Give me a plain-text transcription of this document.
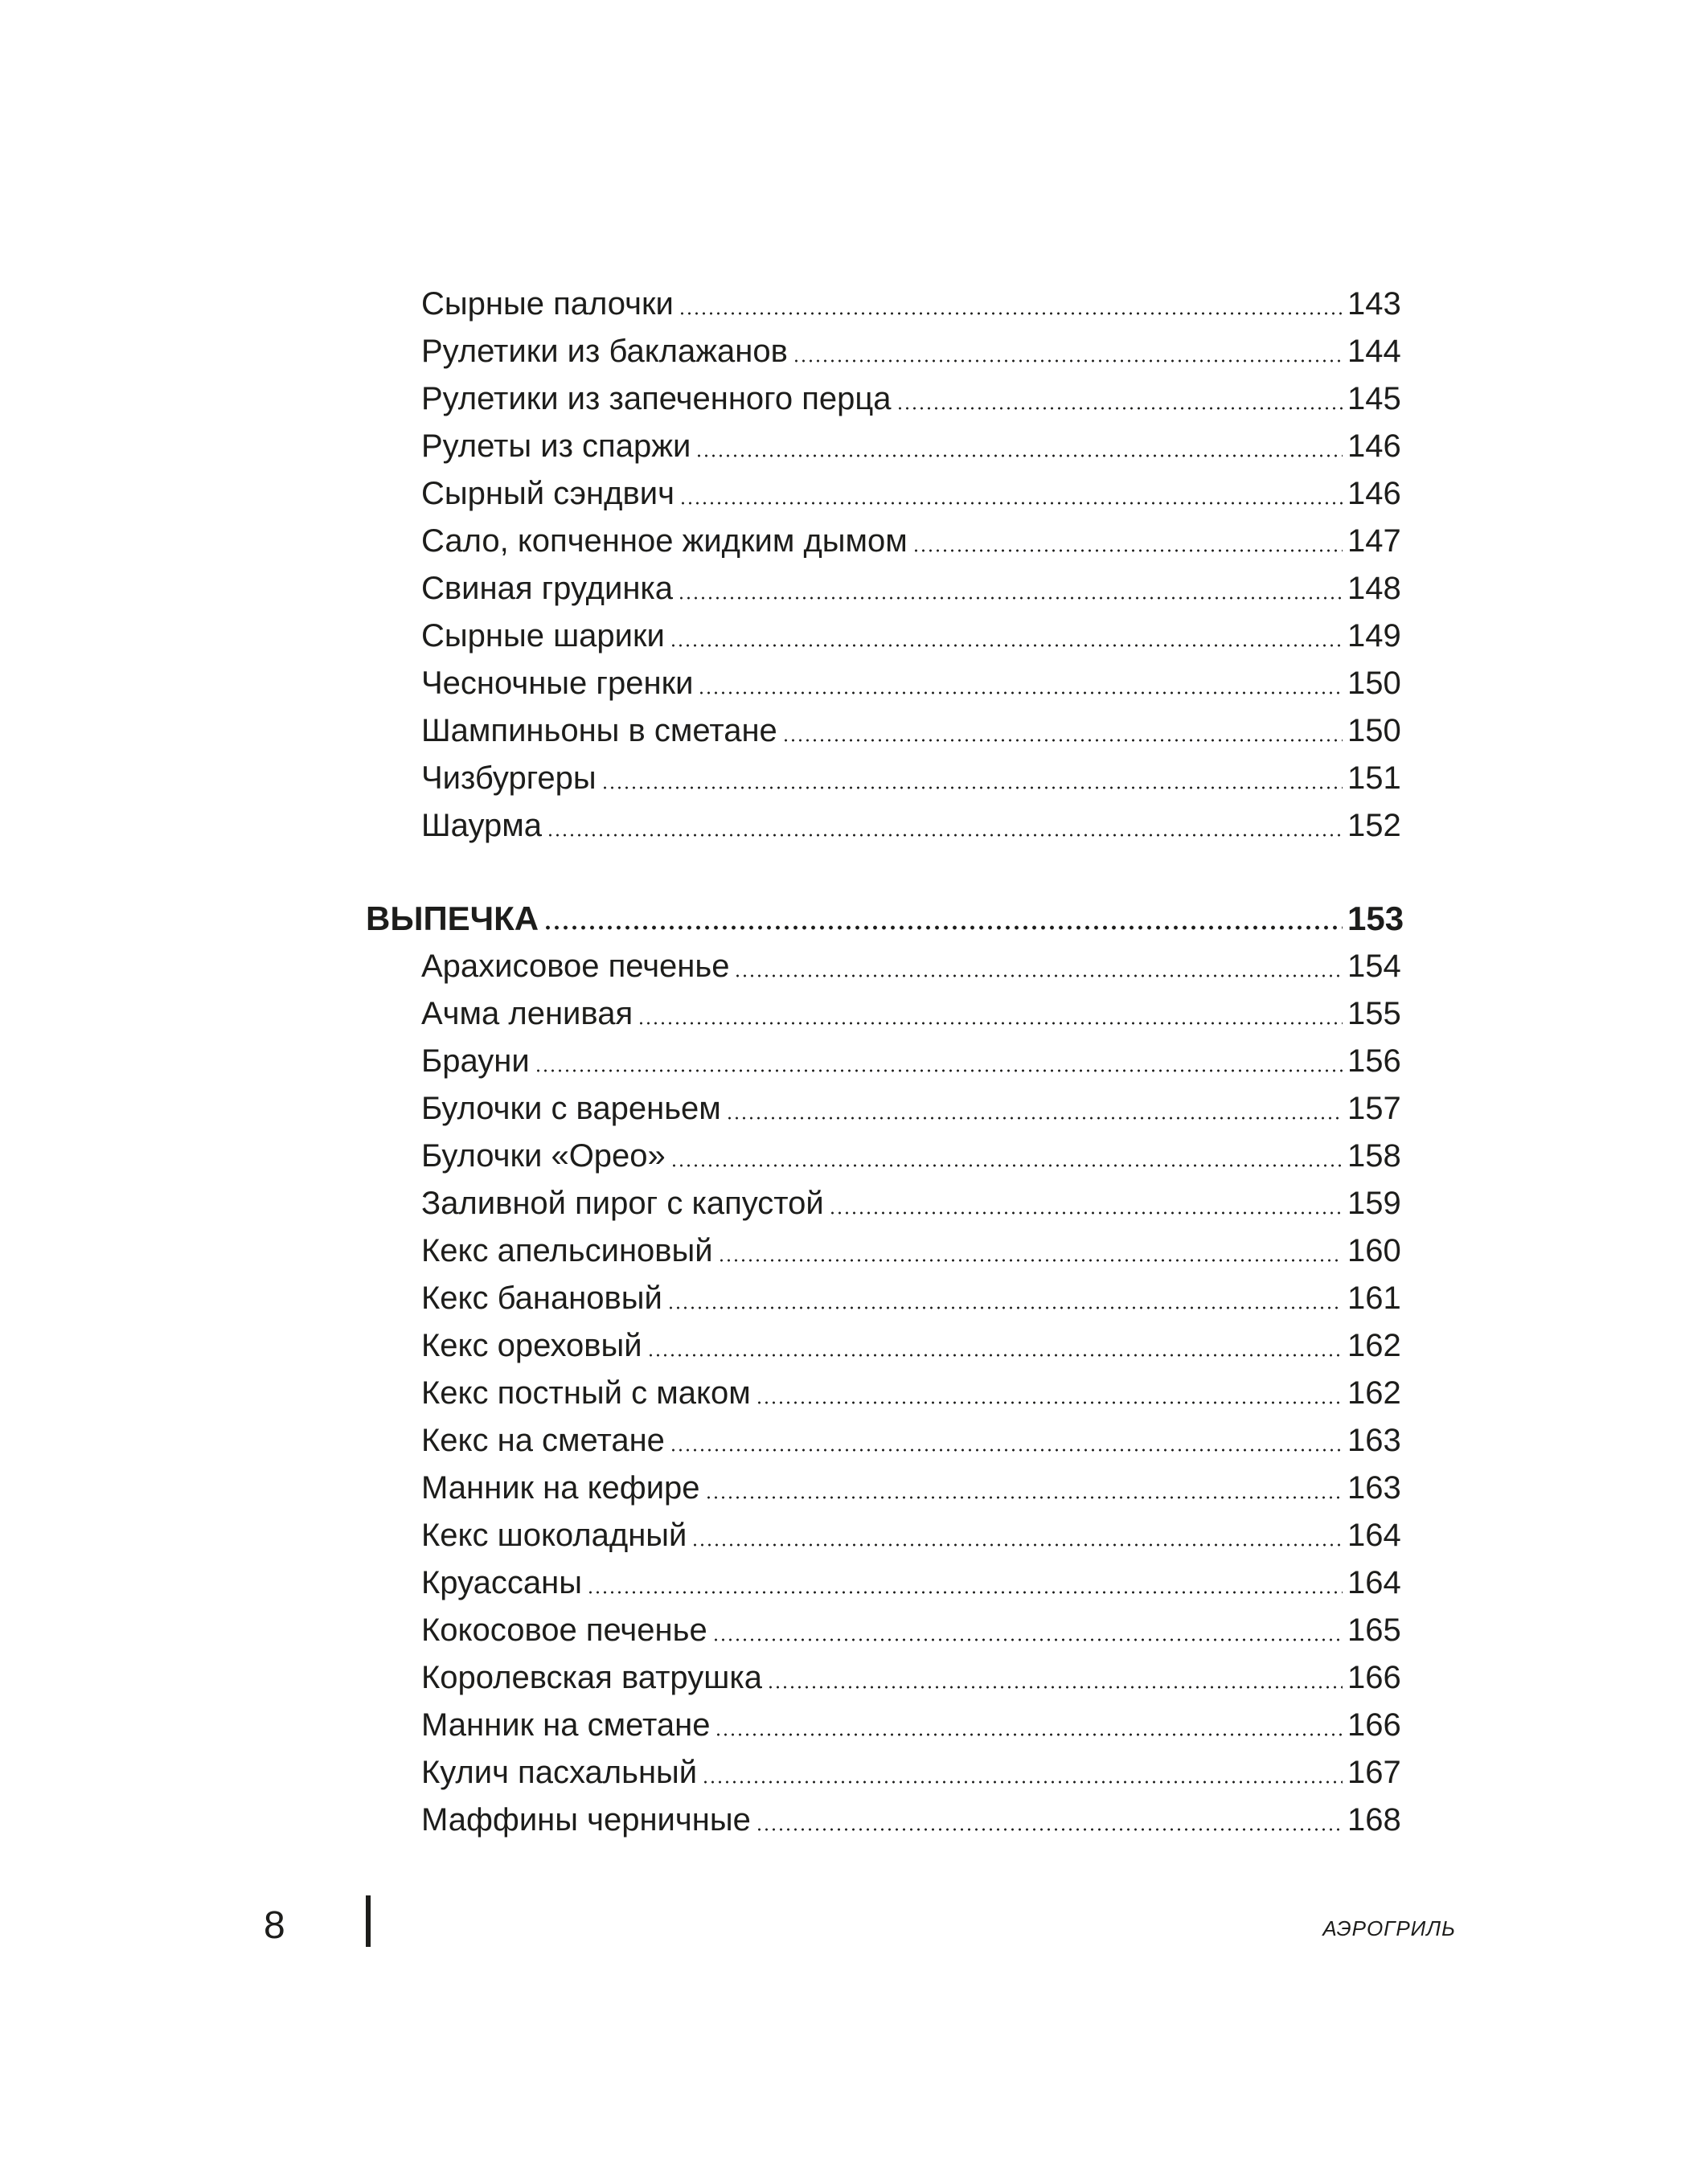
Сырные палочки	143
Рулетики из баклажанов	144
Рулетики из запеченного перца	145
Рулеты из спаржи	146
Сырный сэндвич	146
Сало, копченное жидким дымом	147
Свиная грудинка	148
Сырные шарики	149
Чесночные гренки	150
Шампиньоны в сметане	150
Чизбургеры	151
Шаурма	152
ВЫПЕЧКА	153
Арахисовое печенье	154
Ачма ленивая	155
Брауни	156
Булочки с вареньем	157
Булочки «Орео»	158
Заливной пирог с капустой	159
Кекс апельсиновый	160
Кекс банановый	161
Кекс ореховый	162
Кекс постный с маком	162
Кекс на сметане	163
Манник на кефире	163
Кекс шоколадный	164
Круассаны	164
Кокосовое печенье	165
Королевская ватрушка	166
Манник на сметане	166
Кулич пасхальный	167
Маффины черничные	168
8	АЭРОГРИЛЬ
